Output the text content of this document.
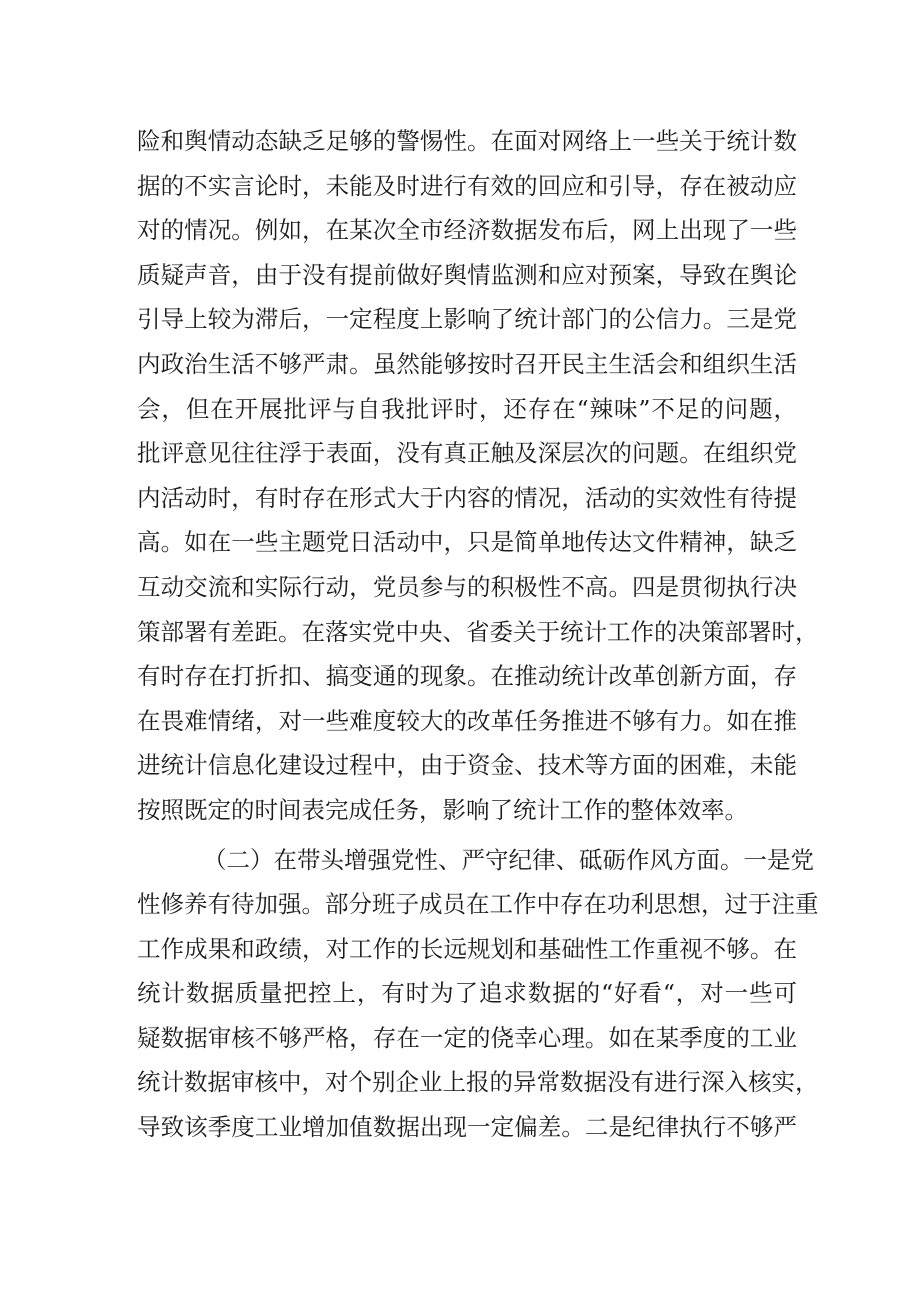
险和舆情动态缺乏足够的警惕性。在面对网络上一些关于统计数
据的不实言论时，未能及时进行有效的回应和引导，存在被动应
对的情况。例如，在某次全市经济数据发布后，网上出现了一些
质疑声音，由于没有提前做好舆情监测和应对预案，导致在舆论
引导上较为滞后，一定程度上影响了统计部门的公信力。三是党
内政治生活不够严肃。虽然能够按时召开民主生活会和组织生活
会，但在开展批评与自我批评时，还存在“辣味”不足的问题，
批评意见往往浮于表面，没有真正触及深层次的问题。在组织党
内活动时，有时存在形式大于内容的情况，活动的实效性有待提
高。如在一些主题党日活动中，只是简单地传达文件精神，缺乏
互动交流和实际行动，党员参与的积极性不高。四是贯彻执行决
策部署有差距。在落实党中央、省委关于统计工作的决策部署时，
有时存在打折扣、搞变通的现象。在推动统计改革创新方面，存
在畏难情绪，对一些难度较大的改革任务推进不够有力。如在推
进统计信息化建设过程中，由于资金、技术等方面的困难，未能
按照既定的时间表完成任务，影响了统计工作的整体效率。
（二）在带头增强党性、严守纪律、砥砺作风方面。一是党
性修养有待加强。部分班子成员在工作中存在功利思想，过于注重
工作成果和政绩，对工作的长远规划和基础性工作重视不够。在
统计数据质量把控上，有时为了追求数据的“好看“，对一些可
疑数据审核不够严格，存在一定的侥幸心理。如在某季度的工业
统计数据审核中，对个别企业上报的异常数据没有进行深入核实，
导致该季度工业增加值数据出现一定偏差。二是纪律执行不够严
